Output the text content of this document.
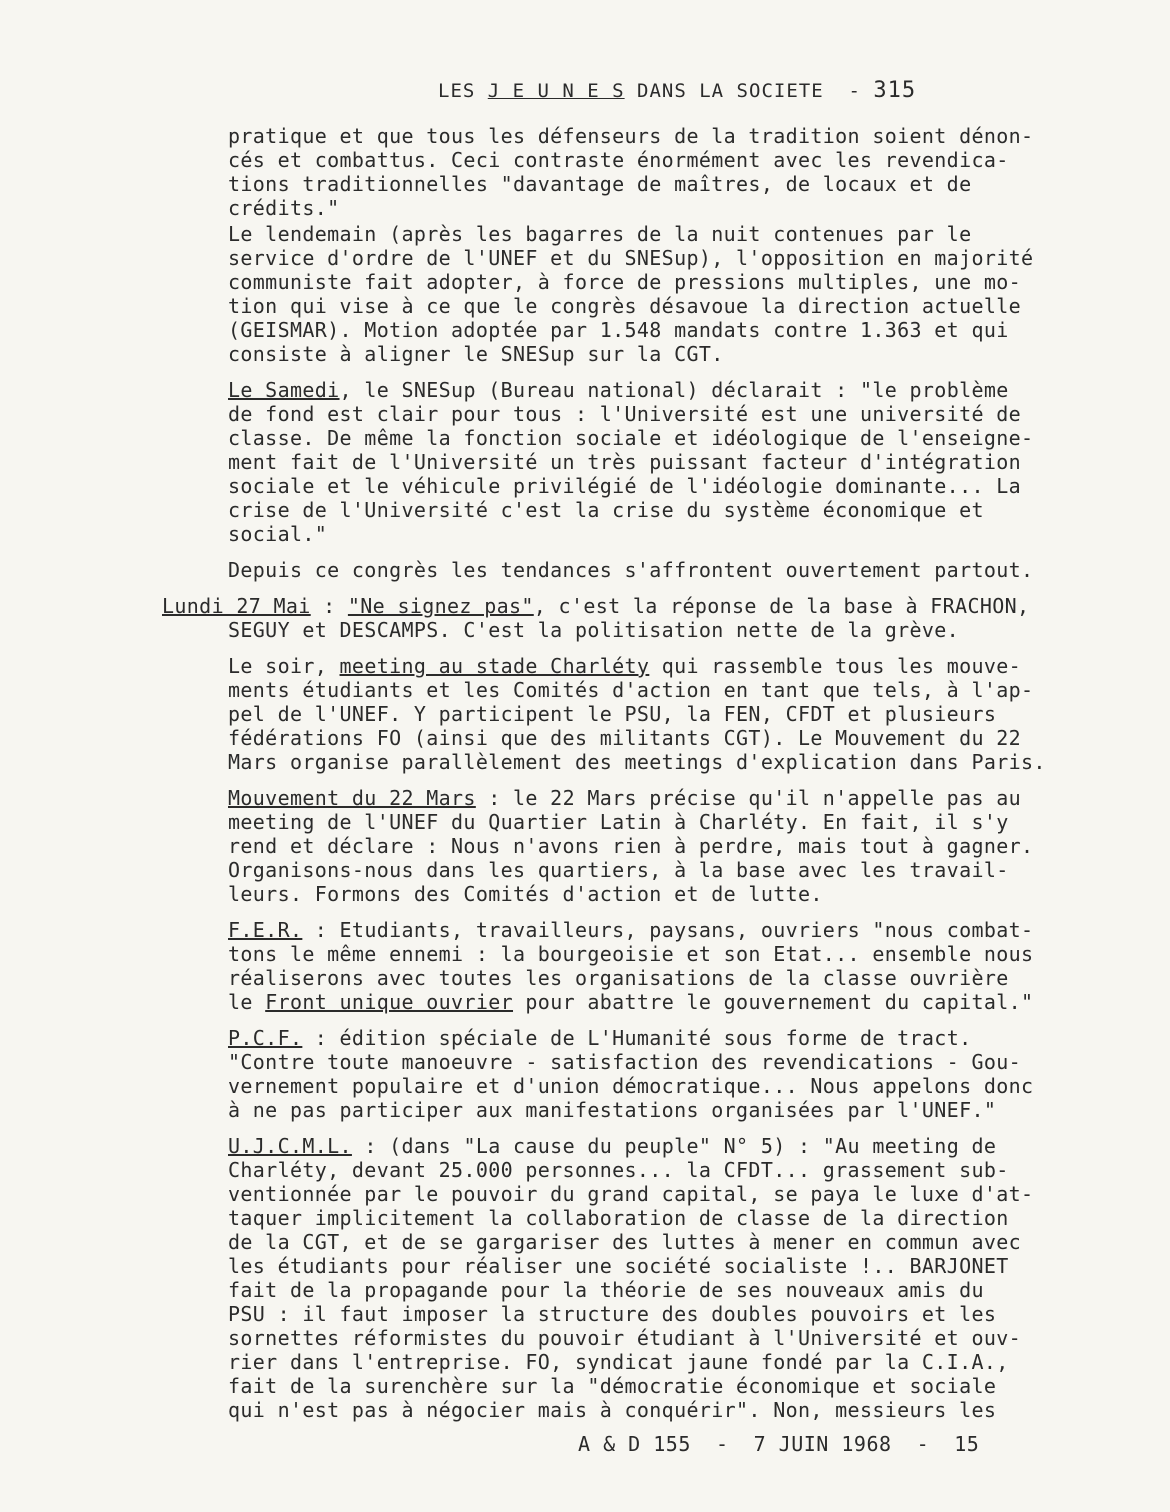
LES J E U N E S DANS LA SOCIETE  - 315
pratique et que tous les défenseurs de la tradition soient dénon-
cés et combattus. Ceci contraste énormément avec les revendica-
tions traditionnelles "davantage de maîtres, de locaux et de
crédits."
Le lendemain (après les bagarres de la nuit contenues par le
service d'ordre de l'UNEF et du SNESup), l'opposition en majorité
communiste fait adopter, à force de pressions multiples, une mo-
tion qui vise à ce que le congrès désavoue la direction actuelle
(GEISMAR). Motion adoptée par 1.548 mandats contre 1.363 et qui
consiste à aligner le SNESup sur la CGT.
Le Samedi, le SNESup (Bureau national) déclarait : "le problème
de fond est clair pour tous : l'Université est une université de
classe. De même la fonction sociale et idéologique de l'enseigne-
ment fait de l'Université un très puissant facteur d'intégration
sociale et le véhicule privilégié de l'idéologie dominante... La
crise de l'Université c'est la crise du système économique et
social."
Depuis ce congrès les tendances s'affrontent ouvertement partout.
Lundi 27 Mai : "Ne signez pas", c'est la réponse de la base à FRACHON,
SEGUY et DESCAMPS. C'est la politisation nette de la grève.
Le soir, meeting au stade Charléty qui rassemble tous les mouve-
ments étudiants et les Comités d'action en tant que tels, à l'ap-
pel de l'UNEF. Y participent le PSU, la FEN, CFDT et plusieurs
fédérations FO (ainsi que des militants CGT). Le Mouvement du 22
Mars organise parallèlement des meetings d'explication dans Paris.
Mouvement du 22 Mars : le 22 Mars précise qu'il n'appelle pas au
meeting de l'UNEF du Quartier Latin à Charléty. En fait, il s'y
rend et déclare : Nous n'avons rien à perdre, mais tout à gagner.
Organisons-nous dans les quartiers, à la base avec les travail-
leurs. Formons des Comités d'action et de lutte.
F.E.R. : Etudiants, travailleurs, paysans, ouvriers "nous combat-
tons le même ennemi : la bourgeoisie et son Etat... ensemble nous
réaliserons avec toutes les organisations de la classe ouvrière
le Front unique ouvrier pour abattre le gouvernement du capital."
P.C.F. : édition spéciale de L'Humanité sous forme de tract.
"Contre toute manoeuvre - satisfaction des revendications - Gou-
vernement populaire et d'union démocratique... Nous appelons donc
à ne pas participer aux manifestations organisées par l'UNEF."
U.J.C.M.L. : (dans "La cause du peuple" N° 5) : "Au meeting de
Charléty, devant 25.000 personnes... la CFDT... grassement sub-
ventionnée par le pouvoir du grand capital, se paya le luxe d'at-
taquer implicitement la collaboration de classe de la direction
de la CGT, et de se gargariser des luttes à mener en commun avec
les étudiants pour réaliser une société socialiste !.. BARJONET
fait de la propagande pour la théorie de ses nouveaux amis du
PSU : il faut imposer la structure des doubles pouvoirs et les
sornettes réformistes du pouvoir étudiant à l'Université et ouv-
rier dans l'entreprise. FO, syndicat jaune fondé par la C.I.A.,
fait de la surenchère sur la "démocratie économique et sociale
qui n'est pas à négocier mais à conquérir". Non, messieurs les
A & D 155  -  7 JUIN 1968  -  15
